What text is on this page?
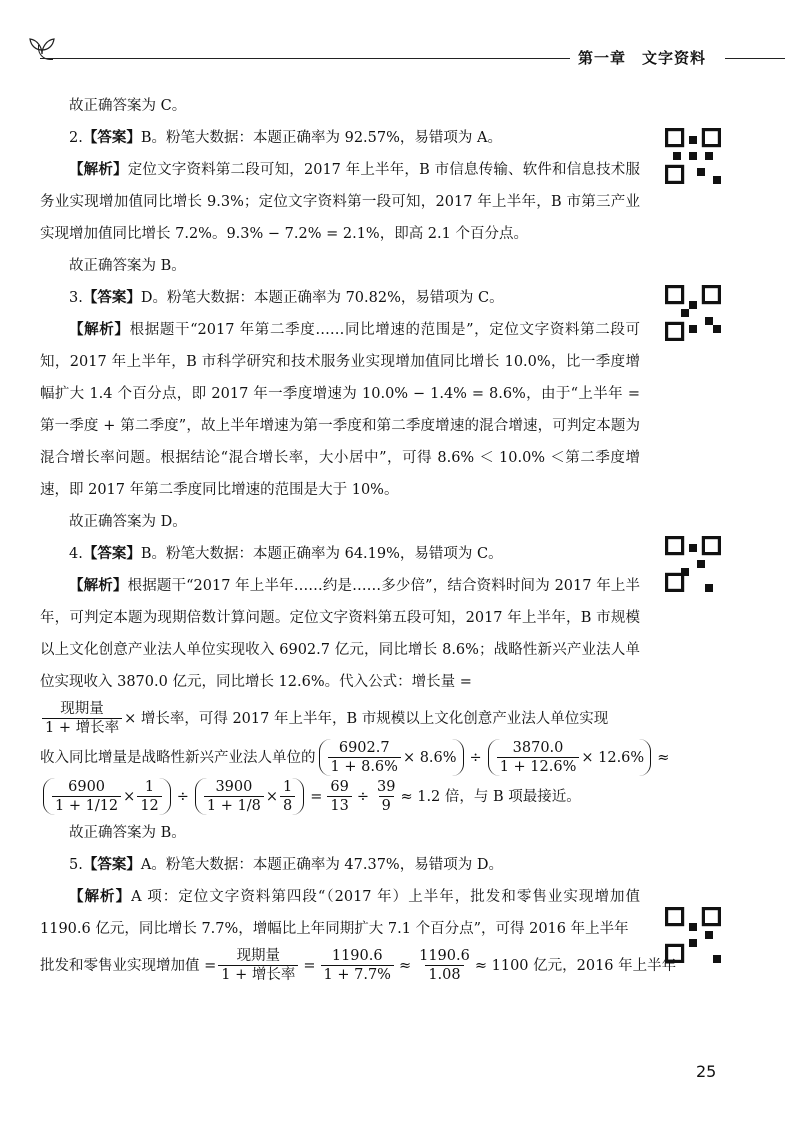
第一章　文字资料

故正确答案为 C。

2.【答案】B。粉笔大数据：本题正确率为 92.57%，易错项为 A。

【解析】定位文字资料第二段可知，2017 年上半年，B 市信息传输、软件和信息技术服务业实现增加值同比增长 9.3%；定位文字资料第一段可知，2017 年上半年，B 市第三产业实现增加值同比增长 7.2%。9.3% − 7.2% = 2.1%，即高 2.1 个百分点。

故正确答案为 B。

3.【答案】D。粉笔大数据：本题正确率为 70.82%，易错项为 C。

【解析】根据题干“2017 年第二季度……同比增速的范围是”，定位文字资料第二段可知，2017 年上半年，B 市科学研究和技术服务业实现增加值同比增长 10.0%，比一季度增幅扩大 1.4 个百分点，即 2017 年一季度增速为 10.0% − 1.4% = 8.6%，由于“上半年 = 第一季度 + 第二季度”，故上半年增速为第一季度和第二季度增速的混合增速，可判定本题为混合增长率问题。根据结论“混合增长率，大小居中”，可得 8.6% ＜ 10.0% ＜第二季度增速，即 2017 年第二季度同比增速的范围是大于 10%。

故正确答案为 D。

4.【答案】B。粉笔大数据：本题正确率为 64.19%，易错项为 C。

【解析】根据题干“2017 年上半年……约是……多少倍”，结合资料时间为 2017 年上半年，可判定本题为现期倍数计算问题。定位文字资料第五段可知，2017 年上半年，B 市规模以上文化创意产业法人单位实现收入 6902.7 亿元，同比增长 8.6%；战略性新兴产业法人单位实现收入 3870.0 亿元，同比增长 12.6%。代入公式：增长量 =

$\frac{\text{现期量}}{\text{1 + 增长率}}$ × 增长率，可得 2017 年上半年，B 市规模以上文化创意产业法人单位实现
收入同比增量是战略性新兴产业法人单位的 $\frac{6902.7}{1 + 8.6\%} \times 8.6\% \div \frac{3870.0}{1 + 12.6\%} \times 12.6\%$ ≈
$\frac{6900}{1 + 1/12} \times \frac{1}{12} \div \frac{3900}{1 + 1/8} \times \frac{1}{8} = \frac{69}{13} \div \frac{39}{9} \approx 1.2$ 倍，与 B 项最接近。

故正确答案为 B。

5.【答案】A。粉笔大数据：本题正确率为 47.37%，易错项为 D。

【解析】A 项：定位文字资料第四段“（2017 年）上半年，批发和零售业实现增加值 1190.6 亿元，同比增长 7.7%，增幅比上年同期扩大 7.1 个百分点”，可得 2016 年上半年

批发和零售业实现增加值 = $\frac{\text{现期量}}{\text{1 + 增长率}} = \frac{1190.6}{1 + 7.7\%} \approx \frac{1190.6}{1.08} \approx 1100$ 亿元，2016 年上半年
25
